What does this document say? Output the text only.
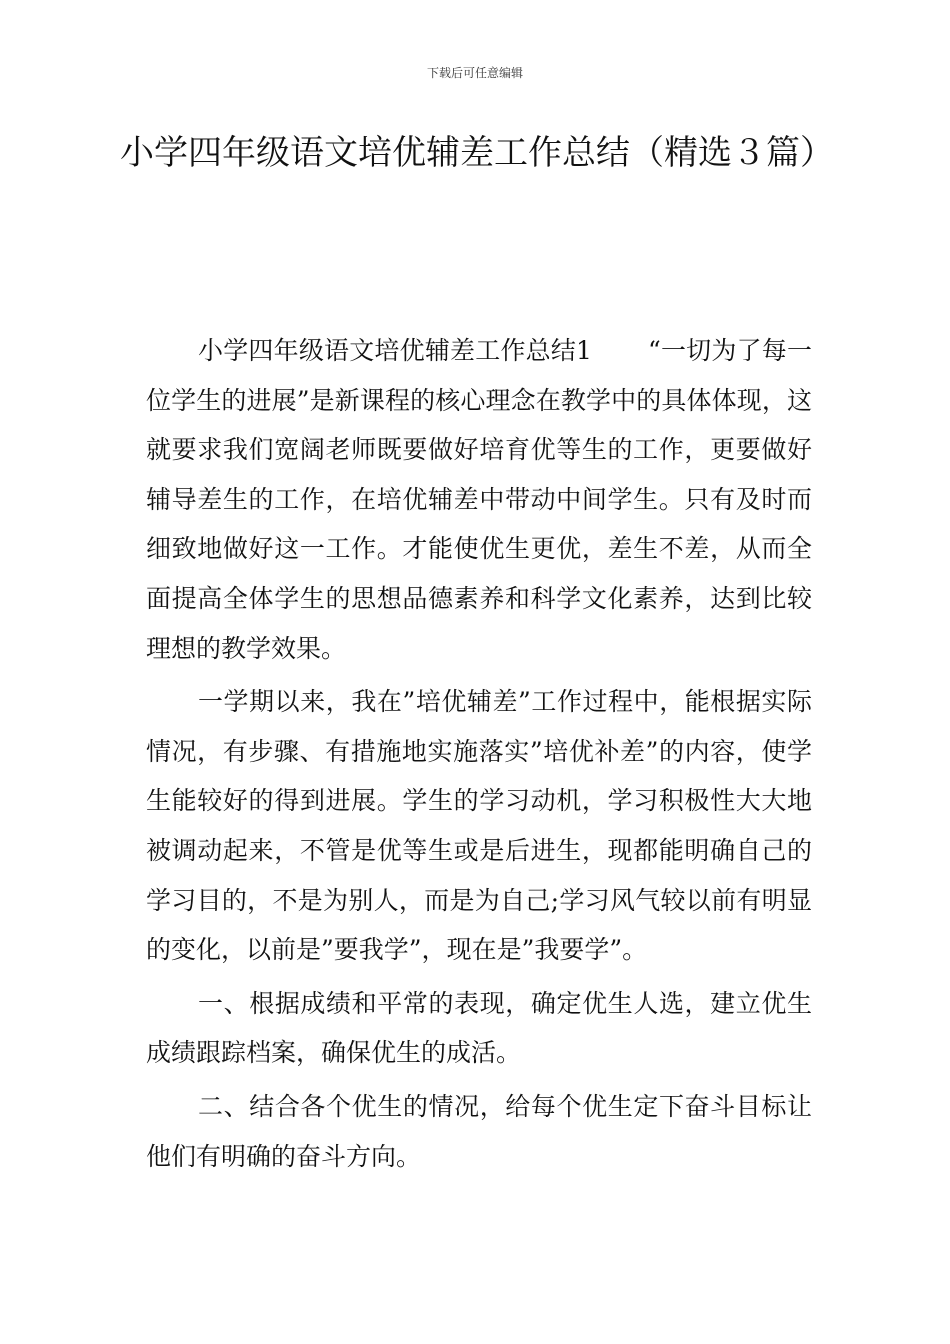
下载后可任意编辑
小学四年级语文培优辅差工作总结（精选３篇）

小学四年级语文培优辅差工作总结1 “一切为了每一位学生的进展”是新课程的核心理念在教学中的具体体现，这就要求我们宽阔老师既要做好培育优等生的工作，更要做好辅导差生的工作，在培优辅差中带动中间学生。只有及时而细致地做好这一工作。才能使优生更优，差生不差，从而全面提高全体学生的思想品德素养和科学文化素养，达到比较理想的教学效果。

一学期以来，我在”培优辅差”工作过程中，能根据实际情况，有步骤、有措施地实施落实”培优补差”的内容，使学生能较好的得到进展。学生的学习动机，学习积极性大大地被调动起来，不管是优等生或是后进生，现都能明确自己的学习目的，不是为别人，而是为自己;学习风气较以前有明显的变化，以前是”要我学”，现在是”我要学”。

一、根据成绩和平常的表现，确定优生人选，建立优生成绩跟踪档案，确保优生的成活。

二、结合各个优生的情况，给每个优生定下奋斗目标让他们有明确的奋斗方向。
